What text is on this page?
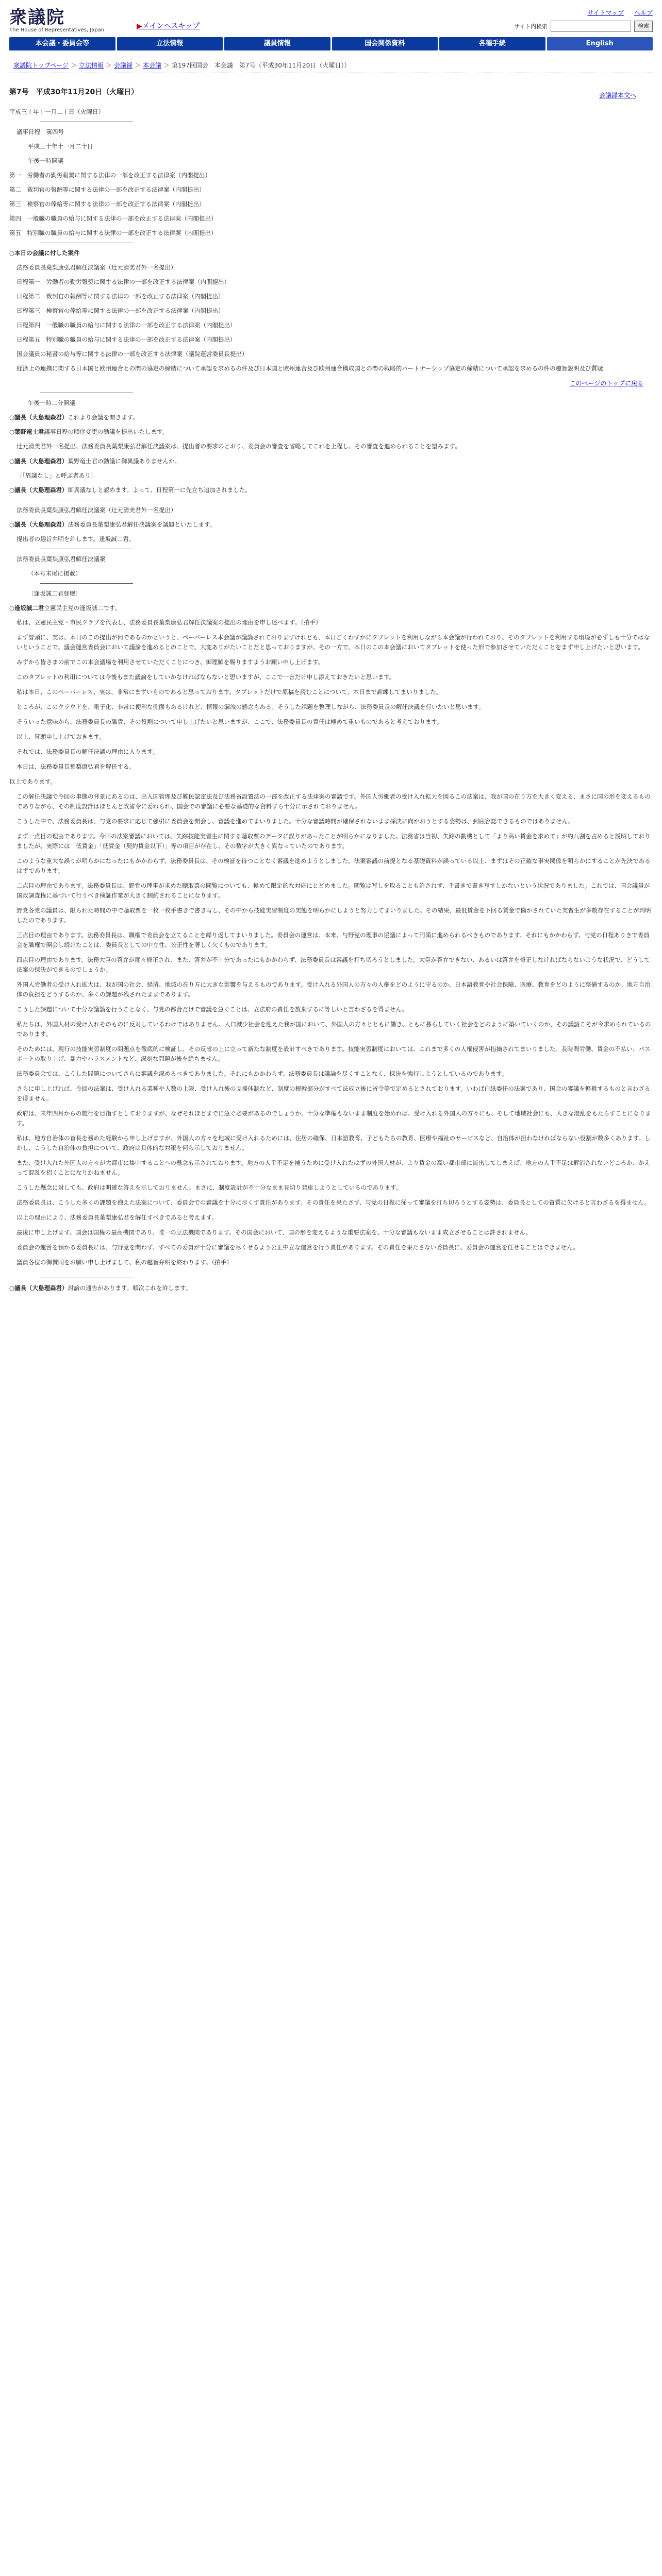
衆議院
The House of Representatives, Japan	▶メインへスキップ
サイトマップ ヘルプ
サイト内検索	検索
本会議・委員会等	立法情報	議員情報	国会関係資料	各種手続	English
衆議院トップページ ＞ 立法情報 ＞ 会議録 ＞ 本会議 ＞ 第197回国会　本会議　第7号（平成30年11月20日（火曜日））
会議録本文へ
第7号　平成30年11月20日（火曜日）

平成三十年十一月二十日（火曜日）

議事日程　第四号

平成三十年十一月二十日

午後一時開議

第一　労働者の勤労報奨に関する法律の一部を改正する法律案（内閣提出）

第二　裁判官の報酬等に関する法律の一部を改正する法律案（内閣提出）

第三　検察官の俸給等に関する法律の一部を改正する法律案（内閣提出）

第四　一般職の職員の給与に関する法律の一部を改正する法律案（内閣提出）

第五　特別職の職員の給与に関する法律の一部を改正する法律案（内閣提出）

○本日の会議に付した案件

法務委員長葉梨康弘君解任決議案（辻元清美君外一名提出）

日程第一　労働者の勤労報奨に関する法律の一部を改正する法律案（内閣提出）

日程第二　裁判官の報酬等に関する法律の一部を改正する法律案（内閣提出）

日程第三　検察官の俸給等に関する法律の一部を改正する法律案（内閣提出）

日程第四　一般職の職員の給与に関する法律の一部を改正する法律案（内閣提出）

日程第五　特別職の職員の給与に関する法律の一部を改正する法律案（内閣提出）

国会議員の秘書の給与等に関する法律の一部を改正する法律案（議院運営委員長提出）

経済上の連携に関する日本国と欧州連合との間の協定の締結について承認を求めるの件及び日本国と欧州連合及び欧州連合構成国との間の戦略的パートナーシップ協定の締結について承認を求めるの件の趣旨説明及び質疑

このページのトップに戻る

午後一時二分開議

○議長（大島理森君）これより会議を開きます。

○葉野竜士君議事日程の順序変更の動議を提出いたします。

辻元清美君外一名提出、法務委員長葉梨康弘君解任決議案は、提出者の要求のとおり、委員会の審査を省略してこれを上程し、その審査を進められることを望みます。

○議長（大島理森君）葉野竜士君の動議に御異議ありませんか。

〔「異議なし」と呼ぶ者あり〕

○議長（大島理森君）御異議なしと認めます。よって、日程第一に先立ち追加されました。

法務委員長葉梨康弘君解任決議案（辻元清美君外一名提出）

○議長（大島理森君）法務委員長葉梨康弘君解任決議案を議題といたします。

提出者の趣旨弁明を許します。逢坂誠二君。

法務委員長葉梨康弘君解任決議案

（本号末尾に掲載）

〔逢坂誠二君登壇〕

○逢坂誠二君立憲民主党の逢坂誠二です。

私は、立憲民主党・市民クラブを代表し、法務委員長葉梨康弘君解任決議案の提出の理由を申し述べます。（拍手）

まず冒頭に、実は、本日のこの提出が何であるのかというと、ペーパーレス本会議が議論されておりますけれども、本日ごくわずかにタブレットを利用しながら本会議が行われており、そのタブレットを利用する環境が必ずしも十分ではないということで、議会運営委員会において議論を進めるとのことで、大変ありがたいことだと思っておりますが、その一方で、本日のこの本会議においてタブレットを使った形で参加させていただくことをまず申し上げたいと思います。

みずから皆さまの前でこの本会議場を利用させていただくことにつき、御理解を賜りますようお願い申し上げます。

このタブレットの利用については今後もまた議論をしていかなければならないと思いますが、ここで一言だけ申し添えておきたいと思います。

私は本日、このペーパーレス、実は、非常にまずいものであると思っております。タブレットだけで原稿を読むことについて、本日まで訓練してまいりました。

ところが、このクラウドを、電子化、非常に便利な側面もあるけれど、情報の漏洩の懸念もある。そうした課題を整理しながら、法務委員長の解任決議を行いたいと思います。

そういった意味から、法務委員長の職責、その役割について申し上げたいと思いますが、ここで、法務委員長の責任は極めて重いものであると考えております。

以上、冒頭申し上げておきます。

それでは、法務委員長の解任決議の理由に入ります。

本日は、法務委員長葉梨康弘君を解任する。

以上であります。

この解任決議で今回の事態の背景にあるのは、出入国管理及び難民認定法及び法務省設置法の一部を改正する法律案の審議です。外国人労働者の受け入れ拡大を図るこの法案は、我が国の在り方を大きく変える、まさに国の形を変えるものでありながら、その制度設計はほとんど政省令に委ねられ、国会での審議に必要な基礎的な資料すら十分に示されておりません。

こうした中で、法務委員長は、与党の要求に応じて強引に委員会を開会し、審議を進めてまいりました。十分な審議時間が確保されないまま採決に向かおうとする姿勢は、到底容認できるものではありません。

まず一点目の理由であります。今回の法案審議においては、失踪技能実習生に関する聴取票のデータに誤りがあったことが明らかになりました。法務省は当初、失踪の動機として「より高い賃金を求めて」が約八割を占めると説明しておりましたが、実際には「低賃金」「低賃金（契約賃金以下）」等の項目が存在し、その数字が大きく異なっていたのであります。

このような重大な誤りが明らかになったにもかかわらず、法務委員長は、その検証を待つことなく審議を進めようとしました。法案審議の前提となる基礎資料が誤っている以上、まずはその正確な事実関係を明らかにすることが先決であるはずであります。

二点目の理由であります。法務委員長は、野党の理事が求めた聴取票の閲覧についても、極めて限定的な対応にとどめました。閲覧は写しを取ることも許されず、手書きで書き写すしかないという状況でありました。これでは、国会議員が国政調査権に基づいて行うべき検証作業が大きく制約されることになります。

野党各党の議員は、限られた時間の中で聴取票を一枚一枚手書きで書き写し、その中から技能実習制度の実態を明らかにしようと努力してまいりました。その結果、最低賃金を下回る賃金で働かされていた実習生が多数存在することが判明したのであります。

三点目の理由であります。法務委員長は、職権で委員会を立てることを繰り返してまいりました。委員会の運営は、本来、与野党の理事の協議によって円満に進められるべきものであります。それにもかかわらず、与党の日程ありきで委員会を職権で開会し続けたことは、委員長としての中立性、公正性を著しく欠くものであります。

四点目の理由であります。法務大臣の答弁が度々修正され、また、答弁が不十分であったにもかかわらず、法務委員長は審議を打ち切ろうとしました。大臣が答弁できない、あるいは答弁を修正しなければならないような状況で、どうして法案の採決ができるのでしょうか。

外国人労働者の受け入れ拡大は、我が国の社会、経済、地域の在り方に大きな影響を与えるものであります。受け入れる外国人の方々の人権をどのように守るのか、日本語教育や社会保障、医療、教育をどのように整備するのか、地方自治体の負担をどうするのか、多くの課題が残されたままであります。

こうした課題について十分な議論を行うことなく、与党の都合だけで審議を急ぐことは、立法府の責任を放棄するに等しいと言わざるを得ません。

私たちは、外国人材の受け入れそのものに反対しているわけではありません。人口減少社会を迎えた我が国において、外国人の方々とともに働き、ともに暮らしていく社会をどのように築いていくのか、その議論こそが今求められているのであります。

そのためには、現行の技能実習制度の問題点を徹底的に検証し、その反省の上に立って新たな制度を設計すべきであります。技能実習制度においては、これまで多くの人権侵害が指摘されてまいりました。長時間労働、賃金の不払い、パスポートの取り上げ、暴力やハラスメントなど、深刻な問題が後を絶ちません。

法務委員会では、こうした問題についてさらに審議を深めるべきでありました。それにもかかわらず、法務委員長は議論を尽くすことなく、採決を強行しようとしているのであります。

さらに申し上げれば、今回の法案は、受け入れる業種や人数の上限、受け入れ後の支援体制など、制度の根幹部分がすべて法成立後に省令等で定めるとされております。いわば白紙委任の法案であり、国会の審議を軽視するものと言わざるを得ません。

政府は、来年四月からの施行を目指すとしておりますが、なぜそれほどまでに急ぐ必要があるのでしょうか。十分な準備もないまま制度を始めれば、受け入れる外国人の方々にも、そして地域社会にも、大きな混乱をもたらすことになります。

私は、地方自治体の首長を務めた経験から申し上げますが、外国人の方々を地域に受け入れるためには、住居の確保、日本語教育、子どもたちの教育、医療や福祉のサービスなど、自治体が担わなければならない役割が数多くあります。しかし、こうした自治体の負担について、政府は具体的な対策を何ら示しておりません。

また、受け入れた外国人の方々が大都市に集中することへの懸念も示されております。地方の人手不足を補うために受け入れたはずの外国人材が、より賃金の高い都市部に流出してしまえば、地方の人手不足は解消されないどころか、かえって混乱を招くことになりかねません。

こうした懸念に対しても、政府は明確な答えを示しておりません。まさに、制度設計が不十分なまま見切り発車しようとしているのであります。

法務委員長は、こうした多くの課題を抱えた法案について、委員会での審議を十分に尽くす責任があります。その責任を果たさず、与党の日程に従って審議を打ち切ろうとする姿勢は、委員長としての資質に欠けると言わざるを得ません。

以上の理由により、法務委員長葉梨康弘君を解任すべきであると考えます。

最後に申し上げます。国会は国権の最高機関であり、唯一の立法機関であります。その国会において、国の形を変えるような重要法案を、十分な審議もないまま成立させることは許されません。

委員会の運営を預かる委員長には、与野党を問わず、すべての委員が十分に審議を尽くせるよう公正中立な運営を行う責任があります。その責任を果たさない委員長に、委員会の運営を任せることはできません。

議員各位の御賛同をお願い申し上げまして、私の趣旨弁明を終わります。（拍手）

○議長（大島理森君）討論の通告があります。順次これを許します。
